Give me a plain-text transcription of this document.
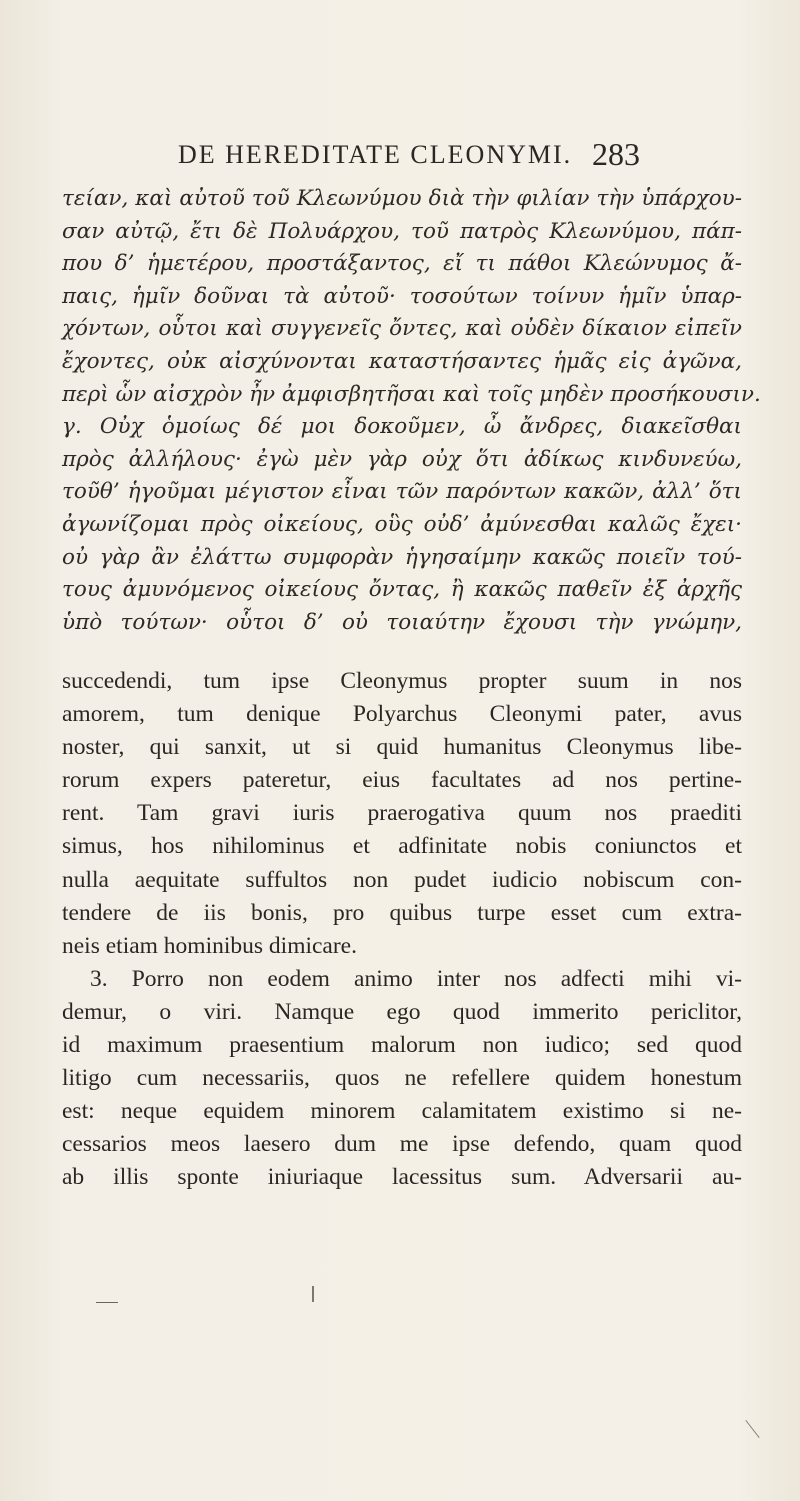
DE HEREDITATE CLEONYMI. 283
τείαν, καὶ αὐτοῦ τοῦ Κλεωνύμου διὰ τὴν φιλίαν τὴν ὑπάρχου-
σαν αὐτῷ, ἔτι δὲ Πολυάρχου, τοῦ πατρὸς Κλεωνύμου, πάπ-
που δ’ ἡμετέρου, προστάξαντος, εἴ τι πάθοι Κλεώνυμος ἄ-
παις, ἡμῖν δοῦναι τὰ αὐτοῦ· τοσούτων τοίνυν ἡμῖν ὑπαρ-
χόντων, οὗτοι καὶ συγγενεῖς ὄντες, καὶ οὐδὲν δίκαιον εἰπεῖν
ἔχοντες, οὐκ αἰσχύνονται καταστήσαντες ἡμᾶς εἰς ἀγῶνα,
περὶ ὧν αἰσχρὸν ἦν ἀμφισβητῆσαι καὶ τοῖς μηδὲν προσήκουσιν.
γ. Οὐχ ὁμοίως δέ μοι δοκοῦμεν, ὦ ἄνδρες, διακεῖσθαι
πρὸς ἀλλήλους· ἐγὼ μὲν γὰρ οὐχ ὅτι ἀδίκως κινδυνεύω,
τοῦθ’ ἡγοῦμαι μέγιστον εἶναι τῶν παρόντων κακῶν, ἀλλ’ ὅτι
ἀγωνίζομαι πρὸς οἰκείους, οὓς οὐδ’ ἀμύνεσθαι καλῶς ἔχει·
οὐ γὰρ ἂν ἐλάττω συμφορὰν ἡγησαίμην κακῶς ποιεῖν τού-
τους ἀμυνόμενος οἰκείους ὄντας, ἢ κακῶς παθεῖν ἐξ ἀρχῆς
ὑπὸ τούτων· οὗτοι δ’ οὐ τοιαύτην ἔχουσι τὴν γνώμην,
succedendi, tum ipse Cleonymus propter suum in nos
amorem, tum denique Polyarchus Cleonymi pater, avus
noster, qui sanxit, ut si quid humanitus Cleonymus libe-
rorum expers pateretur, eius facultates ad nos pertine-
rent. Tam gravi iuris praerogativa quum nos praediti
simus, hos nihilominus et adfinitate nobis coniunctos et
nulla aequitate suffultos non pudet iudicio nobiscum con-
tendere de iis bonis, pro quibus turpe esset cum extra-
neis etiam hominibus dimicare.
3. Porro non eodem animo inter nos adfecti mihi vi-
demur, o viri. Namque ego quod immerito periclitor,
id maximum praesentium malorum non iudico; sed quod
litigo cum necessariis, quos ne refellere quidem honestum
est: neque equidem minorem calamitatem existimo si ne-
cessarios meos laesero dum me ipse defendo, quam quod
ab illis sponte iniuriaque lacessitus sum. Adversarii au-
